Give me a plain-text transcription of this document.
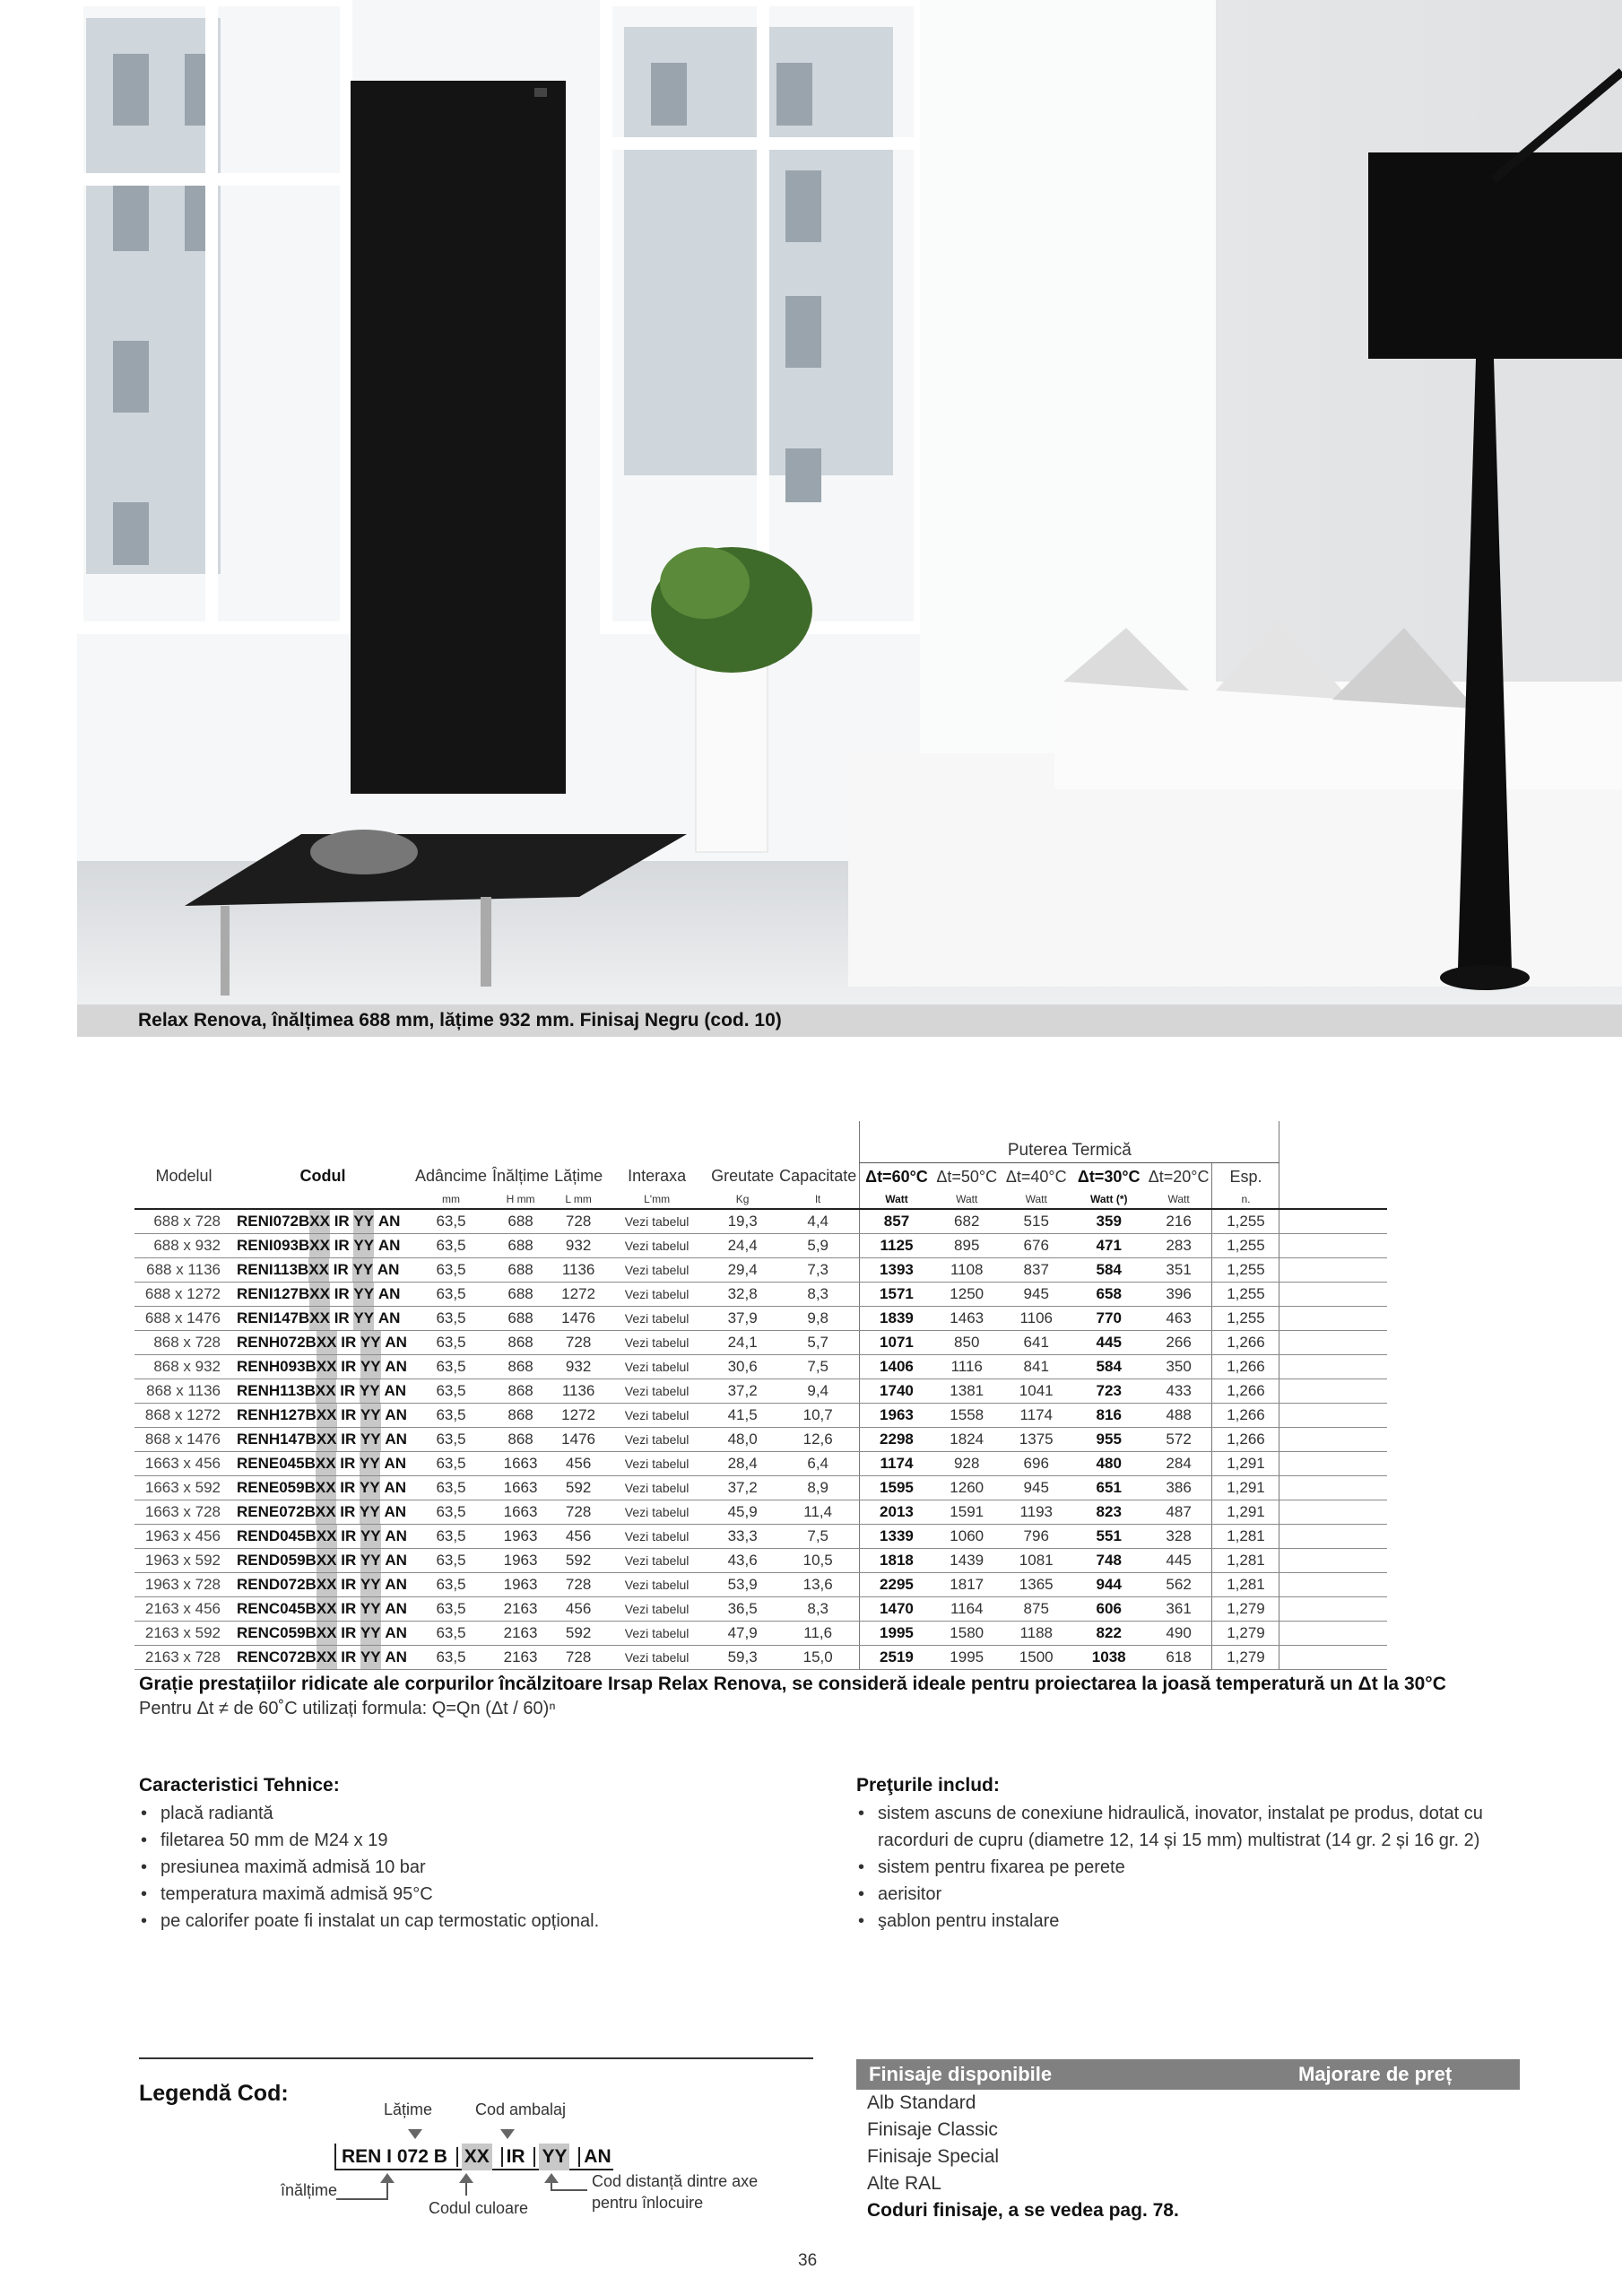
Relax Renova, înălțimea 688 mm, lățime 932 mm. Finisaj Negru (cod. 10)
								Puterea Termică						
Modelul	Codul	Adâncime	Înălțime	Lățime	Interaxa	Greutate	Capacitate	Δt=60°C	Δt=50°C	Δt=40°C	Δt=30°C	Δt=20°C	Esp.	
		mm	H mm	L mm	L'mm	Kg	lt	Watt	Watt	Watt	Watt (*)	Watt	n.	
688 x 728	RENI072BXX IR YY AN	63,5	688	728	Vezi tabelul	19,3	4,4	857	682	515	359	216	1,255	
688 x 932	RENI093BXX IR YY AN	63,5	688	932	Vezi tabelul	24,4	5,9	1125	895	676	471	283	1,255	
688 x 1136	RENI113BXX IR YY AN	63,5	688	1136	Vezi tabelul	29,4	7,3	1393	1108	837	584	351	1,255	
688 x 1272	RENI127BXX IR YY AN	63,5	688	1272	Vezi tabelul	32,8	8,3	1571	1250	945	658	396	1,255	
688 x 1476	RENI147BXX IR YY AN	63,5	688	1476	Vezi tabelul	37,9	9,8	1839	1463	1106	770	463	1,255	
868 x 728	RENH072BXX IR YY AN	63,5	868	728	Vezi tabelul	24,1	5,7	1071	850	641	445	266	1,266	
868 x 932	RENH093BXX IR YY AN	63,5	868	932	Vezi tabelul	30,6	7,5	1406	1116	841	584	350	1,266	
868 x 1136	RENH113BXX IR YY AN	63,5	868	1136	Vezi tabelul	37,2	9,4	1740	1381	1041	723	433	1,266	
868 x 1272	RENH127BXX IR YY AN	63,5	868	1272	Vezi tabelul	41,5	10,7	1963	1558	1174	816	488	1,266	
868 x 1476	RENH147BXX IR YY AN	63,5	868	1476	Vezi tabelul	48,0	12,6	2298	1824	1375	955	572	1,266	
1663 x 456	RENE045BXX IR YY AN	63,5	1663	456	Vezi tabelul	28,4	6,4	1174	928	696	480	284	1,291	
1663 x 592	RENE059BXX IR YY AN	63,5	1663	592	Vezi tabelul	37,2	8,9	1595	1260	945	651	386	1,291	
1663 x 728	RENE072BXX IR YY AN	63,5	1663	728	Vezi tabelul	45,9	11,4	2013	1591	1193	823	487	1,291	
1963 x 456	REND045BXX IR YY AN	63,5	1963	456	Vezi tabelul	33,3	7,5	1339	1060	796	551	328	1,281	
1963 x 592	REND059BXX IR YY AN	63,5	1963	592	Vezi tabelul	43,6	10,5	1818	1439	1081	748	445	1,281	
1963 x 728	REND072BXX IR YY AN	63,5	1963	728	Vezi tabelul	53,9	13,6	2295	1817	1365	944	562	1,281	
2163 x 456	RENC045BXX IR YY AN	63,5	2163	456	Vezi tabelul	36,5	8,3	1470	1164	875	606	361	1,279	
2163 x 592	RENC059BXX IR YY AN	63,5	2163	592	Vezi tabelul	47,9	11,6	1995	1580	1188	822	490	1,279	
2163 x 728	RENC072BXX IR YY AN	63,5	2163	728	Vezi tabelul	59,3	15,0	2519	1995	1500	1038	618	1,279	
Grație prestațiilor ridicate ale corpurilor încălzitoare Irsap Relax Renova, se consideră ideale pentru proiectarea la joasă temperatură un Δt la 30°C
Pentru Δt ≠ de 60˚C utilizați formula: Q=Qn (Δt / 60)ⁿ
Caracteristici Tehnice:
• placă radiantă
• filetarea 50 mm de M24 x 19
• presiunea maximă admisă 10 bar
• temperatura maximă admisă 95°C
• pe calorifer poate fi instalat un cap termostatic opțional.
Preţurile includ:
• sistem ascuns de conexiune hidraulică, inovator, instalat pe produs, dotat cu racorduri de cupru (diametre 12, 14 și 15 mm) multistrat (14 gr. 2 și 16 gr. 2)
• sistem pentru fixarea pe perete
• aerisitor
• şablon pentru instalare
Legendă Cod:
Lățime	Cod ambalaj
REN I 072 B XX IR YY AN
înălțime
Codul culoare
Cod distanță dintre axe
pentru înlocuire
Finisaje disponibile	Majorare de preț
Alb Standard
Finisaje Classic
Finisaje Special
Alte RAL
Coduri finisaje, a se vedea pag. 78.
36
